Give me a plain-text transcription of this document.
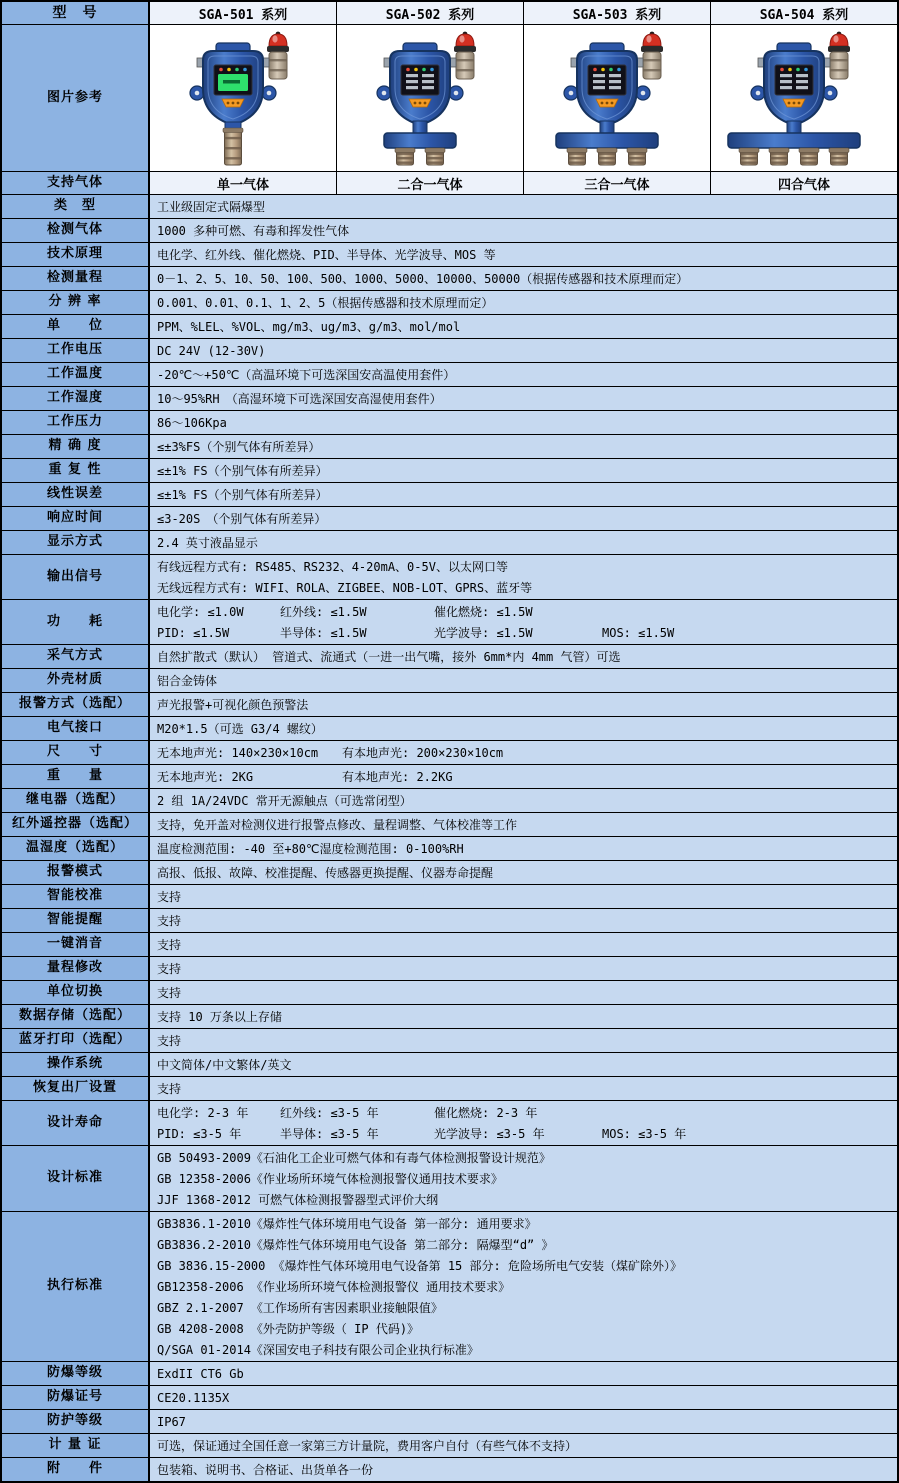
型　号	SGA-501 系列	SGA-502 系列	SGA-503 系列	SGA-504 系列
图片参考
支持气体	单一气体	二合一气体	三合一气体	四合气体
类　型	工业级固定式隔爆型
检测气体	1000 多种可燃、有毒和挥发性气体
技术原理	电化学、红外线、催化燃烧、PID、半导体、光学波导、MOS 等
检测量程	0－1、2、5、10、50、100、500、1000、5000、10000、50000（根据传感器和技术原理而定）
分 辨 率	0.001、0.01、0.1、1、2、5（根据传感器和技术原理而定）
单　　位	PPM、%LEL、%VOL、mg/m3、ug/m3、g/m3、mol/mol
工作电压	DC 24V (12-30V)
工作温度	-20℃～+50℃（高温环境下可选深国安高温使用套件）
工作湿度	10～95%RH　（高湿环境下可选深国安高湿使用套件）
工作压力	86～106Kpa
精 确 度	≤±3%FS（个别气体有所差异）
重 复 性	≤±1% FS（个别气体有所差异）
线性误差	≤±1% FS（个别气体有所差异）
响应时间	≤3-20S　（个别气体有所差异）
显示方式	2.4 英寸液晶显示
输出信号
有线远程方式有: RS485、RS232、4-20mA、0-5V、以太网口等
无线远程方式有: WIFI、ROLA、ZIGBEE、NOB-LOT、GPRS、蓝牙等
功　　耗
电化学: ≤1.0W	红外线: ≤1.5W	催化燃烧: ≤1.5W
PID: ≤1.5W	半导体: ≤1.5W	光学波导: ≤1.5W	MOS: ≤1.5W
采气方式	自然扩散式（默认） 管道式、流通式（一进一出气嘴，接外 6mm*内 4mm 气管）可选
外壳材质	铝合金铸体
报警方式（选配）	声光报警+可视化颜色预警法
电气接口	M20*1.5（可选 G3/4 螺纹）
尺　　寸	无本地声光: 140×230×10cm	有本地声光: 200×230×10cm
重　　量	无本地声光: 2KG	有本地声光: 2.2KG
继电器（选配）	2 组 1A/24VDC 常开无源触点（可选常闭型）
红外遥控器（选配）	支持，免开盖对检测仪进行报警点修改、量程调整、气体校准等工作
温湿度（选配）	温度检测范围: -40 至+80℃ 湿度检测范围: 0-100%RH
报警模式	高报、低报、故障、校准提醒、传感器更换提醒、仪器寿命提醒
智能校准	支持
智能提醒	支持
一键消音	支持
量程修改	支持
单位切换	支持
数据存储（选配）	支持 10 万条以上存储
蓝牙打印（选配）	支持
操作系统	中文简体/中文繁体/英文
恢复出厂设置	支持
设计寿命
电化学: 2-3 年	红外线: ≤3-5 年	催化燃烧: 2-3 年
PID: ≤3-5 年	半导体: ≤3-5 年	光学波导: ≤3-5 年	MOS: ≤3-5 年
设计标准
GB 50493-2009《石油化工企业可燃气体和有毒气体检测报警设计规范》
GB 12358-2006《作业场所环境气体检测报警仪通用技术要求》
JJF 1368-2012 可燃气体检测报警器型式评价大纲
执行标准
GB3836.1-2010《爆炸性气体环境用电气设备 第一部分: 通用要求》
GB3836.2-2010《爆炸性气体环境用电气设备 第二部分: 隔爆型“d” 》
GB 3836.15-2000 《爆炸性气体环境用电气设备第 15 部分: 危险场所电气安装（煤矿除外）》
GB12358-2006 《作业场所环境气体检测报警仪 通用技术要求》
GBZ 2.1-2007 《工作场所有害因素职业接触限值》
GB 4208-2008 《外壳防护等级（ IP 代码)》
Q/SGA 01-2014《深国安电子科技有限公司企业执行标准》
防爆等级	ExdII CT6 Gb
防爆证号	CE20.1135X
防护等级	IP67
计 量 证	可选，保证通过全国任意一家第三方计量院，费用客户自付（有些气体不支持）
附　　件	包装箱、说明书、合格证、出货单各一份
